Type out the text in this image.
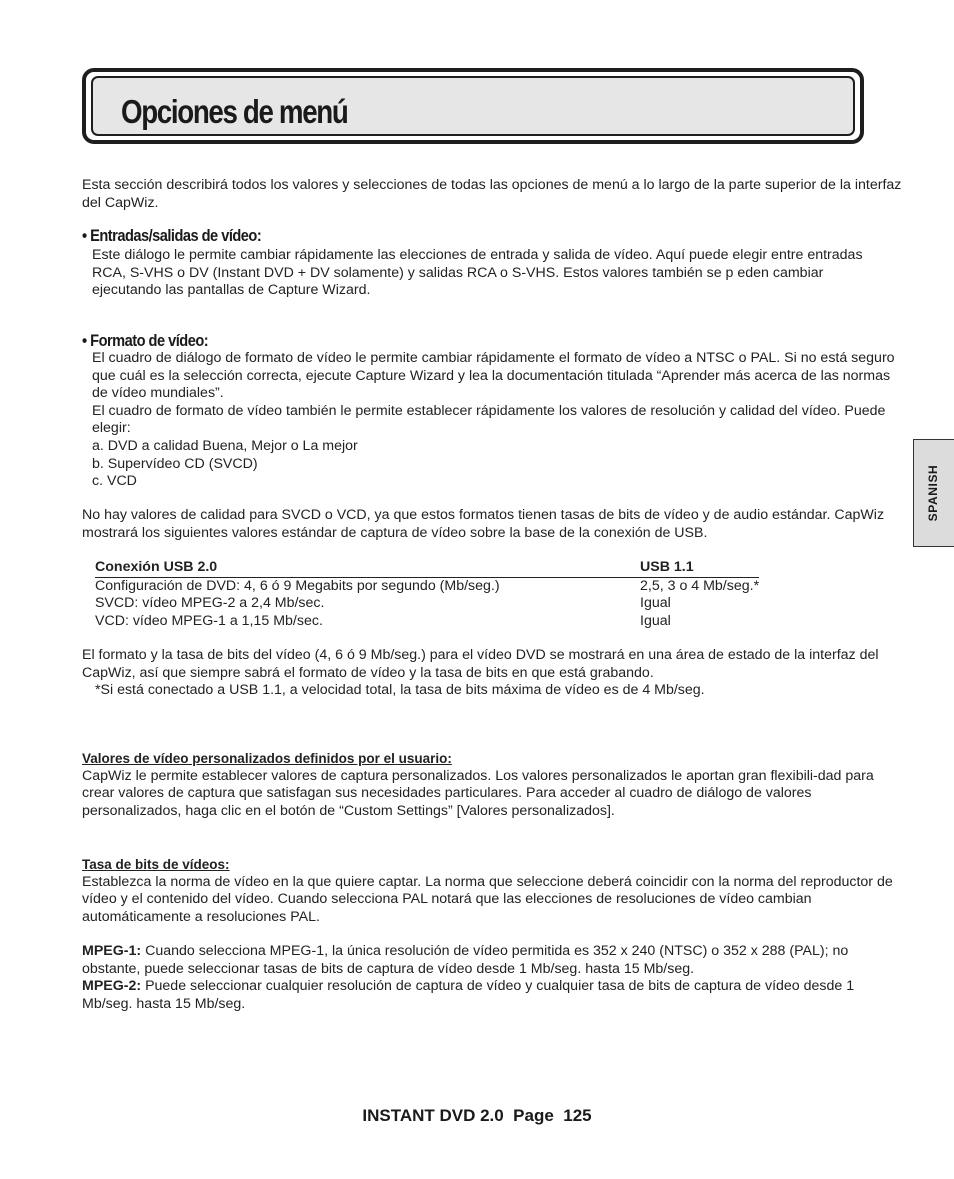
Opciones de menú

Esta sección describirá todos los valores y selecciones de todas las opciones de menú a lo largo de la parte superior de la interfaz del CapWiz.

• Entradas/salidas de vídeo:

Este diálogo le permite cambiar rápidamente las elecciones de entrada y salida de vídeo. Aquí puede elegir entre entradas RCA, S-VHS o DV (Instant DVD + DV solamente) y salidas RCA o S-VHS. Estos valores también se p eden cambiar ejecutando las pantallas de Capture Wizard.

• Formato de vídeo:

El cuadro de diálogo de formato de vídeo le permite cambiar rápidamente el formato de vídeo a NTSC o PAL. Si no está seguro que cuál es la selección correcta, ejecute Capture Wizard y lea la documentación titulada “Aprender más acerca de las normas de vídeo mundiales”.

El cuadro de formato de vídeo también le permite establecer rápidamente los valores de resolución y calidad del vídeo. Puede elegir:

a. DVD a calidad Buena, Mejor o La mejor

b. Supervídeo CD (SVCD)

c. VCD

No hay valores de calidad para SVCD o VCD, ya que estos formatos tienen tasas de bits de vídeo y de audio estándar. CapWiz mostrará los siguientes valores estándar de captura de vídeo sobre la base de la conexión de USB.

Conexión USB 2.0	USB 1.1
Configuración de DVD: 4, 6 ó 9 Megabits por segundo (Mb/seg.)	2,5, 3 o 4 Mb/seg.*
SVCD: vídeo MPEG-2 a 2,4 Mb/sec.	Igual
VCD: vídeo MPEG-1 a 1,15 Mb/sec.	Igual

El formato y la tasa de bits del vídeo (4, 6 ó 9 Mb/seg.) para el vídeo DVD se mostrará en una área de estado de la interfaz del CapWiz, así que siempre sabrá el formato de vídeo y la tasa de bits en que está grabando.

*Si está conectado a USB 1.1, a velocidad total, la tasa de bits máxima de vídeo es de 4 Mb/seg.

Valores de vídeo personalizados definidos por el usuario:

CapWiz le permite establecer valores de captura personalizados. Los valores personalizados le aportan gran flexibili-dad para crear valores de captura que satisfagan sus necesidades particulares. Para acceder al cuadro de diálogo de valores personalizados, haga clic en el botón de “Custom Settings” [Valores personalizados].

Tasa de bits de vídeos:

Establezca la norma de vídeo en la que quiere captar. La norma que seleccione deberá coincidir con la norma del reproductor de vídeo y el contenido del vídeo. Cuando selecciona PAL notará que las elecciones de resoluciones de vídeo cambian automáticamente a resoluciones PAL.

MPEG-1: Cuando selecciona MPEG-1, la única resolución de vídeo permitida es 352 x 240 (NTSC) o 352 x 288 (PAL); no obstante, puede seleccionar tasas de bits de captura de vídeo desde 1 Mb/seg. hasta 15 Mb/seg.

MPEG-2: Puede seleccionar cualquier resolución de captura de vídeo y cualquier tasa de bits de captura de vídeo desde 1 Mb/seg. hasta 15 Mb/seg.

SPANISH
INSTANT DVD 2.0  Page  125
